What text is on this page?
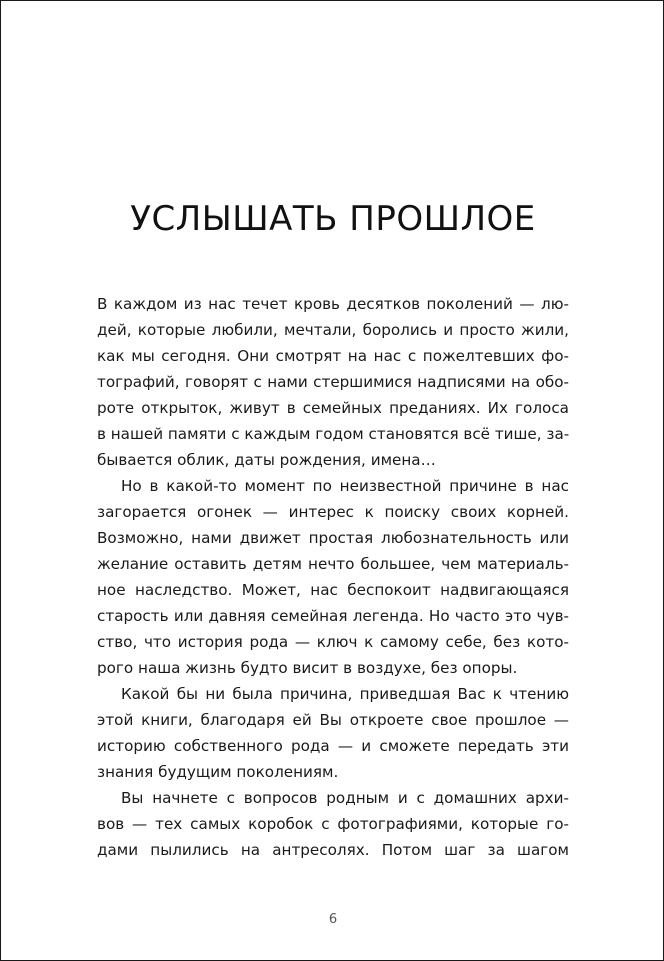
УСЛЫШАТЬ ПРОШЛОЕ

В каждом из нас течет кровь десятков поколений — лю-
дей, которые любили, мечтали, боролись и просто жили,
как мы сегодня. Они смотрят на нас с пожелтевших фо-
тографий, говорят с нами стершимися надписями на обо-
роте открыток, живут в семейных преданиях. Их голоса
в нашей памяти с каждым годом становятся всё тише, за-
бывается облик, даты рождения, имена…

Но в какой-то момент по неизвестной причине в нас
загорается огонек — интерес к поиску своих корней.
Возможно, нами движет простая любознательность или
желание оставить детям нечто большее, чем материаль-
ное наследство. Может, нас беспокоит надвигающаяся
старость или давняя семейная легенда. Но часто это чув-
ство, что история рода — ключ к самому себе, без кото-
рого наша жизнь будто висит в воздухе, без опоры.

Какой бы ни была причина, приведшая Вас к чтению
этой книги, благодаря ей Вы откроете свое прошлое —
историю собственного рода — и сможете передать эти
знания будущим поколениям.

Вы начнете с вопросов родным и с домашних архи-
вов — тех самых коробок с фотографиями, которые го-
дами пылились на антресолях. Потом шаг за шагом

6
